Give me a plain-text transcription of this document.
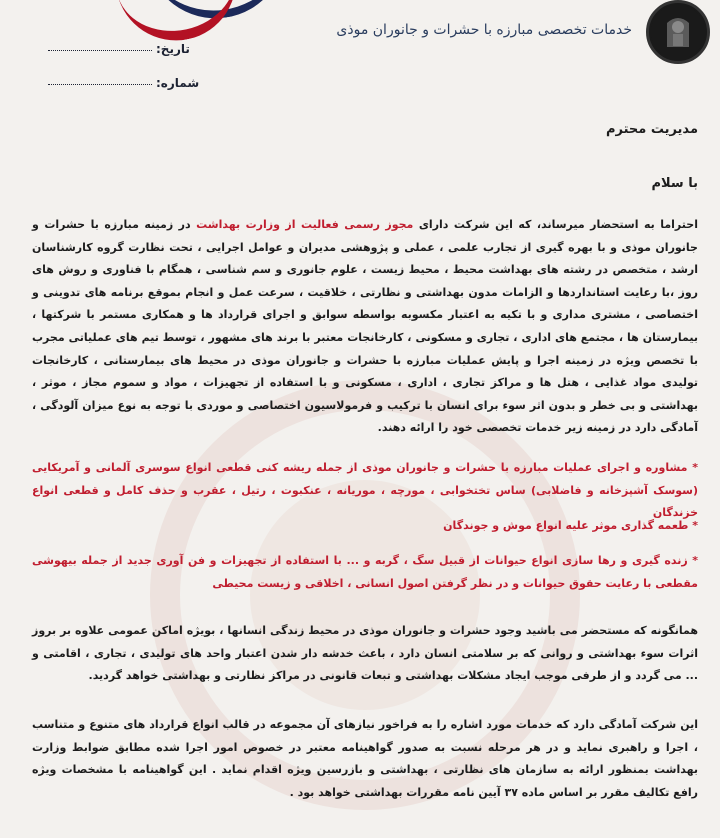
خدمات تخصصی مبارزه با حشرات و جانوران موذی
تاریخ:
شماره:
مدیریت محترم
با سلام
احتراما به استحضار میرساند، که این شرکت دارای مجوز رسمی فعالیت از وزارت بهداشت در زمینه مبارزه با حشرات و جانوران موذی و با بهره گیری از تجارب علمی ، عملی و پژوهشی مدیران و عوامل اجرایی ، تحت نظارت گروه کارشناسان ارشد ، متخصص در رشته های بهداشت محیط ، محیط زیست ، علوم جانوری و سم شناسی ، همگام با فناوری و روش های روز ،با رعایت استانداردها و الزامات مدون بهداشتی و نظارتی ، خلاقیت ، سرعت عمل و انجام بموقع برنامه های تدوینی و اختصاصی ، مشتری مداری و با تکیه به اعتبار مکسوبه بواسطه سوابق و اجرای قرارداد ها و همکاری مستمر با شرکتها ، بیمارستان ها ، مجتمع های اداری ، تجاری و مسکونی ، کارخانجات معتبر با برند های مشهور ، توسط تیم های عملیاتی مجرب با تخصص ویژه در زمینه اجرا و پایش عملیات مبارزه با حشرات و جانوران موذی در محیط های بیمارستانی ، کارخانجات تولیدی مواد غذایی ، هتل ها و مراکز تجاری ، اداری ، مسکونی و با استفاده از تجهیزات ، مواد و سموم مجاز ، موثر ، بهداشتی و بی خطر و بدون اثر سوء برای انسان با ترکیب و فرمولاسیون اختصاصی و موردی با توجه به نوع میزان آلودگی ، آمادگی دارد در زمینه زیر خدمات تخصصی خود را ارائه دهند.
* مشاوره و اجرای عملیات مبارزه با حشرات و جانوران موذی از جمله ریشه کنی قطعی انواع سوسری آلمانی و آمریکایی (سوسک آشپزخانه و فاضلابی) ساس تختخوابی ، مورچه ، موریانه ، عنکبوت ، رتیل ، عقرب و حذف کامل و قطعی انواع خزندگان
* طعمه گذاری موثر علیه انواع موش و جوندگان
* زنده گیری و رها سازی انواع حیوانات از قبیل سگ ، گربه و ... با استفاده از تجهیزات و فن آوری جدید از جمله بیهوشی مقطعی با رعایت حقوق حیوانات و در نظر گرفتن اصول انسانی ، اخلاقی و زیست محیطی
همانگونه که مستحضر می باشید وجود حشرات و جانوران موذی در محیط زندگی انسانها ، بویژه اماکن عمومی علاوه بر بروز اثرات سوء بهداشتی و روانی که بر سلامتی انسان دارد ، باعث خدشه دار شدن اعتبار واحد های تولیدی ، تجاری ، اقامتی و ... می گردد و از طرفی موجب ایجاد مشکلات بهداشتی و تبعات قانونی در مراکز نظارتی و بهداشتی خواهد گردید.
این شرکت آمادگی دارد که خدمات مورد اشاره را به فراخور نیازهای آن مجموعه در قالب انواع قرارداد های متنوع و متناسب ، اجرا و راهبری نماید و در هر مرحله نسبت به صدور گواهینامه معتبر در خصوص امور اجرا شده مطابق ضوابط وزارت بهداشت بمنظور ارائه به سازمان های نظارتی ، بهداشتی و بازرسین ویژه اقدام نماید . این گواهینامه با مشخصات ویژه رافع تکالیف مقرر بر اساس ماده ۳۷ آیین نامه مقررات بهداشتی خواهد بود .
